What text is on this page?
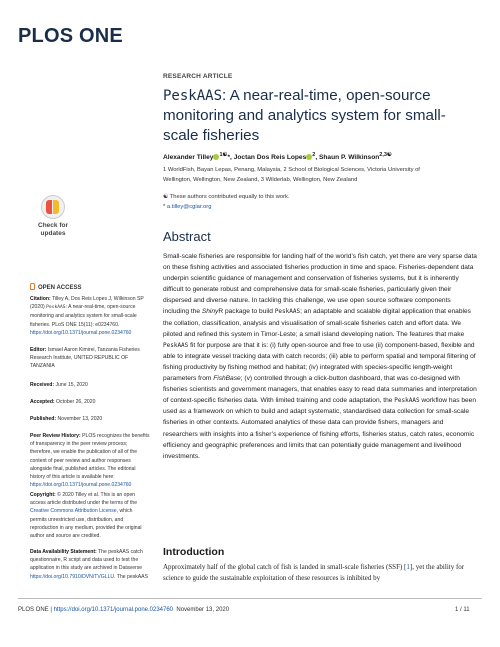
PLOS ONE
RESEARCH ARTICLE
PeskAAS: A near-real-time, open-source monitoring and analytics system for small-scale fisheries
Alexander Tilley $^{1☯}$*, Joctan Dos Reis Lopes $^2$, Shaun P. Wilkinson$^{2,3☯}$
1 WorldFish, Bayan Lepas, Penang, Malaysia, 2 School of Biological Sciences, Victoria University of
Wellington, Wellington, New Zealand, 3 Wilderlab, Wellington, New Zealand
☯ These authors contributed equally to this work.
* a.tilley@cgiar.org
Check for
updates
OPEN ACCESS
Citation: Tilley A, Dos Reis Lopes J, Wilkinson SP (2020) PeskAAS: A near-real-time, open-source monitoring and analytics system for small-scale fisheries. PLoS ONE 15(11): e0234760. https://doi.org/10.1371/journal.pone.0234760
Editor: Ismael Aaron Kimirei, Tanzania Fisheries Research Institute, UNITED REPUBLIC OF TANZANIA
Received: June 15, 2020
Accepted: October 26, 2020
Published: November 13, 2020
Peer Review History: PLOS recognizes the benefits of transparency in the peer review process; therefore, we enable the publication of all of the content of peer review and author responses alongside final, published articles. The editorial history of this article is available here: https://doi.org/10.1371/journal.pone.0234760
Copyright: © 2020 Tilley et al. This is an open access article distributed under the terms of the Creative Commons Attribution License, which permits unrestricted use, distribution, and reproduction in any medium, provided the original author and source are credited.
Data Availability Statement: The peskAAS catch questionnaire, R script and data used to test the application in this study are archived in Dataverse https://doi.org/10.7910/DVN/TVGLLU. The peskAAS
Abstract

Small-scale fisheries are responsible for landing half of the world’s fish catch, yet there are very sparse data on these fishing activities and associated fisheries production in time and space. Fisheries-dependent data underpin scientific guidance of management and conservation of fisheries systems, but it is inherently difficult to generate robust and comprehensive data for small-scale fisheries, particularly given their dispersed and diverse nature. In tackling this challenge, we use open source software components including the ShinyR package to build PeskAAS; an adaptable and scalable digital application that enables the collation, classification, analysis and visualisation of small-scale fisheries catch and effort data. We piloted and refined this system in Timor-Leste; a small island developing nation. The features that make PeskAAS fit for purpose are that it is: (i) fully open-source and free to use (ii) component-based, flexible and able to integrate vessel tracking data with catch records; (iii) able to perform spatial and temporal filtering of fishing productivity by fishing method and habitat; (iv) integrated with species-specific length-weight parameters from FishBase; (v) controlled through a click-button dashboard, that was co-designed with fisheries scientists and government managers, that enables easy to read data summaries and interpretation of context-specific fisheries data. With limited training and code adaptation, the PeskAAS workflow has been used as a framework on which to build and adapt systematic, standardised data collection for small-scale fisheries in other contexts. Automated analytics of these data can provide fishers, managers and researchers with insights into a fisher’s experience of fishing efforts, fisheries status, catch rates, economic efficiency and geographic preferences and limits that can potentially guide management and livelihood investments.

Introduction

Approximately half of the global catch of fish is landed in small-scale fisheries (SSF) [1], yet the ability for science to guide the sustainable exploitation of these resources is inhibited by

PLOS ONE | https://doi.org/10.1371/journal.pone.0234760 November 13, 2020	1 / 11
